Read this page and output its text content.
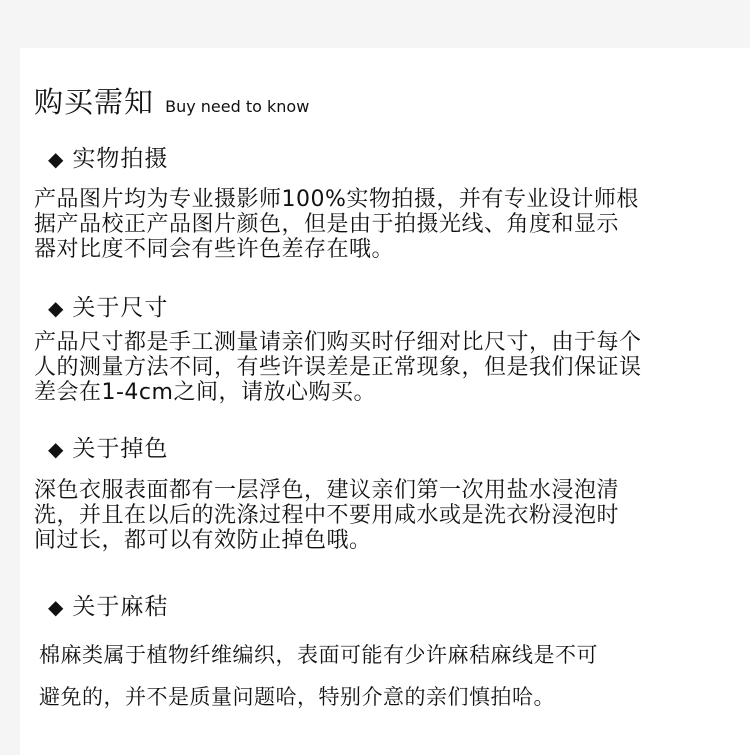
购买需知 Buy need to know
◆ 实物拍摄
产品图片均为专业摄影师100%实物拍摄，并有专业设计师根
据产品校正产品图片颜色，但是由于拍摄光线、角度和显示
器对比度不同会有些许色差存在哦。
◆ 关于尺寸
产品尺寸都是手工测量请亲们购买时仔细对比尺寸，由于每个
人的测量方法不同，有些许误差是正常现象，但是我们保证误
差会在1-4cm之间，请放心购买。
◆ 关于掉色
深色衣服表面都有一层浮色，建议亲们第一次用盐水浸泡清
洗，并且在以后的洗涤过程中不要用咸水或是洗衣粉浸泡时
间过长，都可以有效防止掉色哦。
◆ 关于麻秸
棉麻类属于植物纤维编织，表面可能有少许麻秸麻线是不可
避免的，并不是质量问题哈，特别介意的亲们慎拍哈。
